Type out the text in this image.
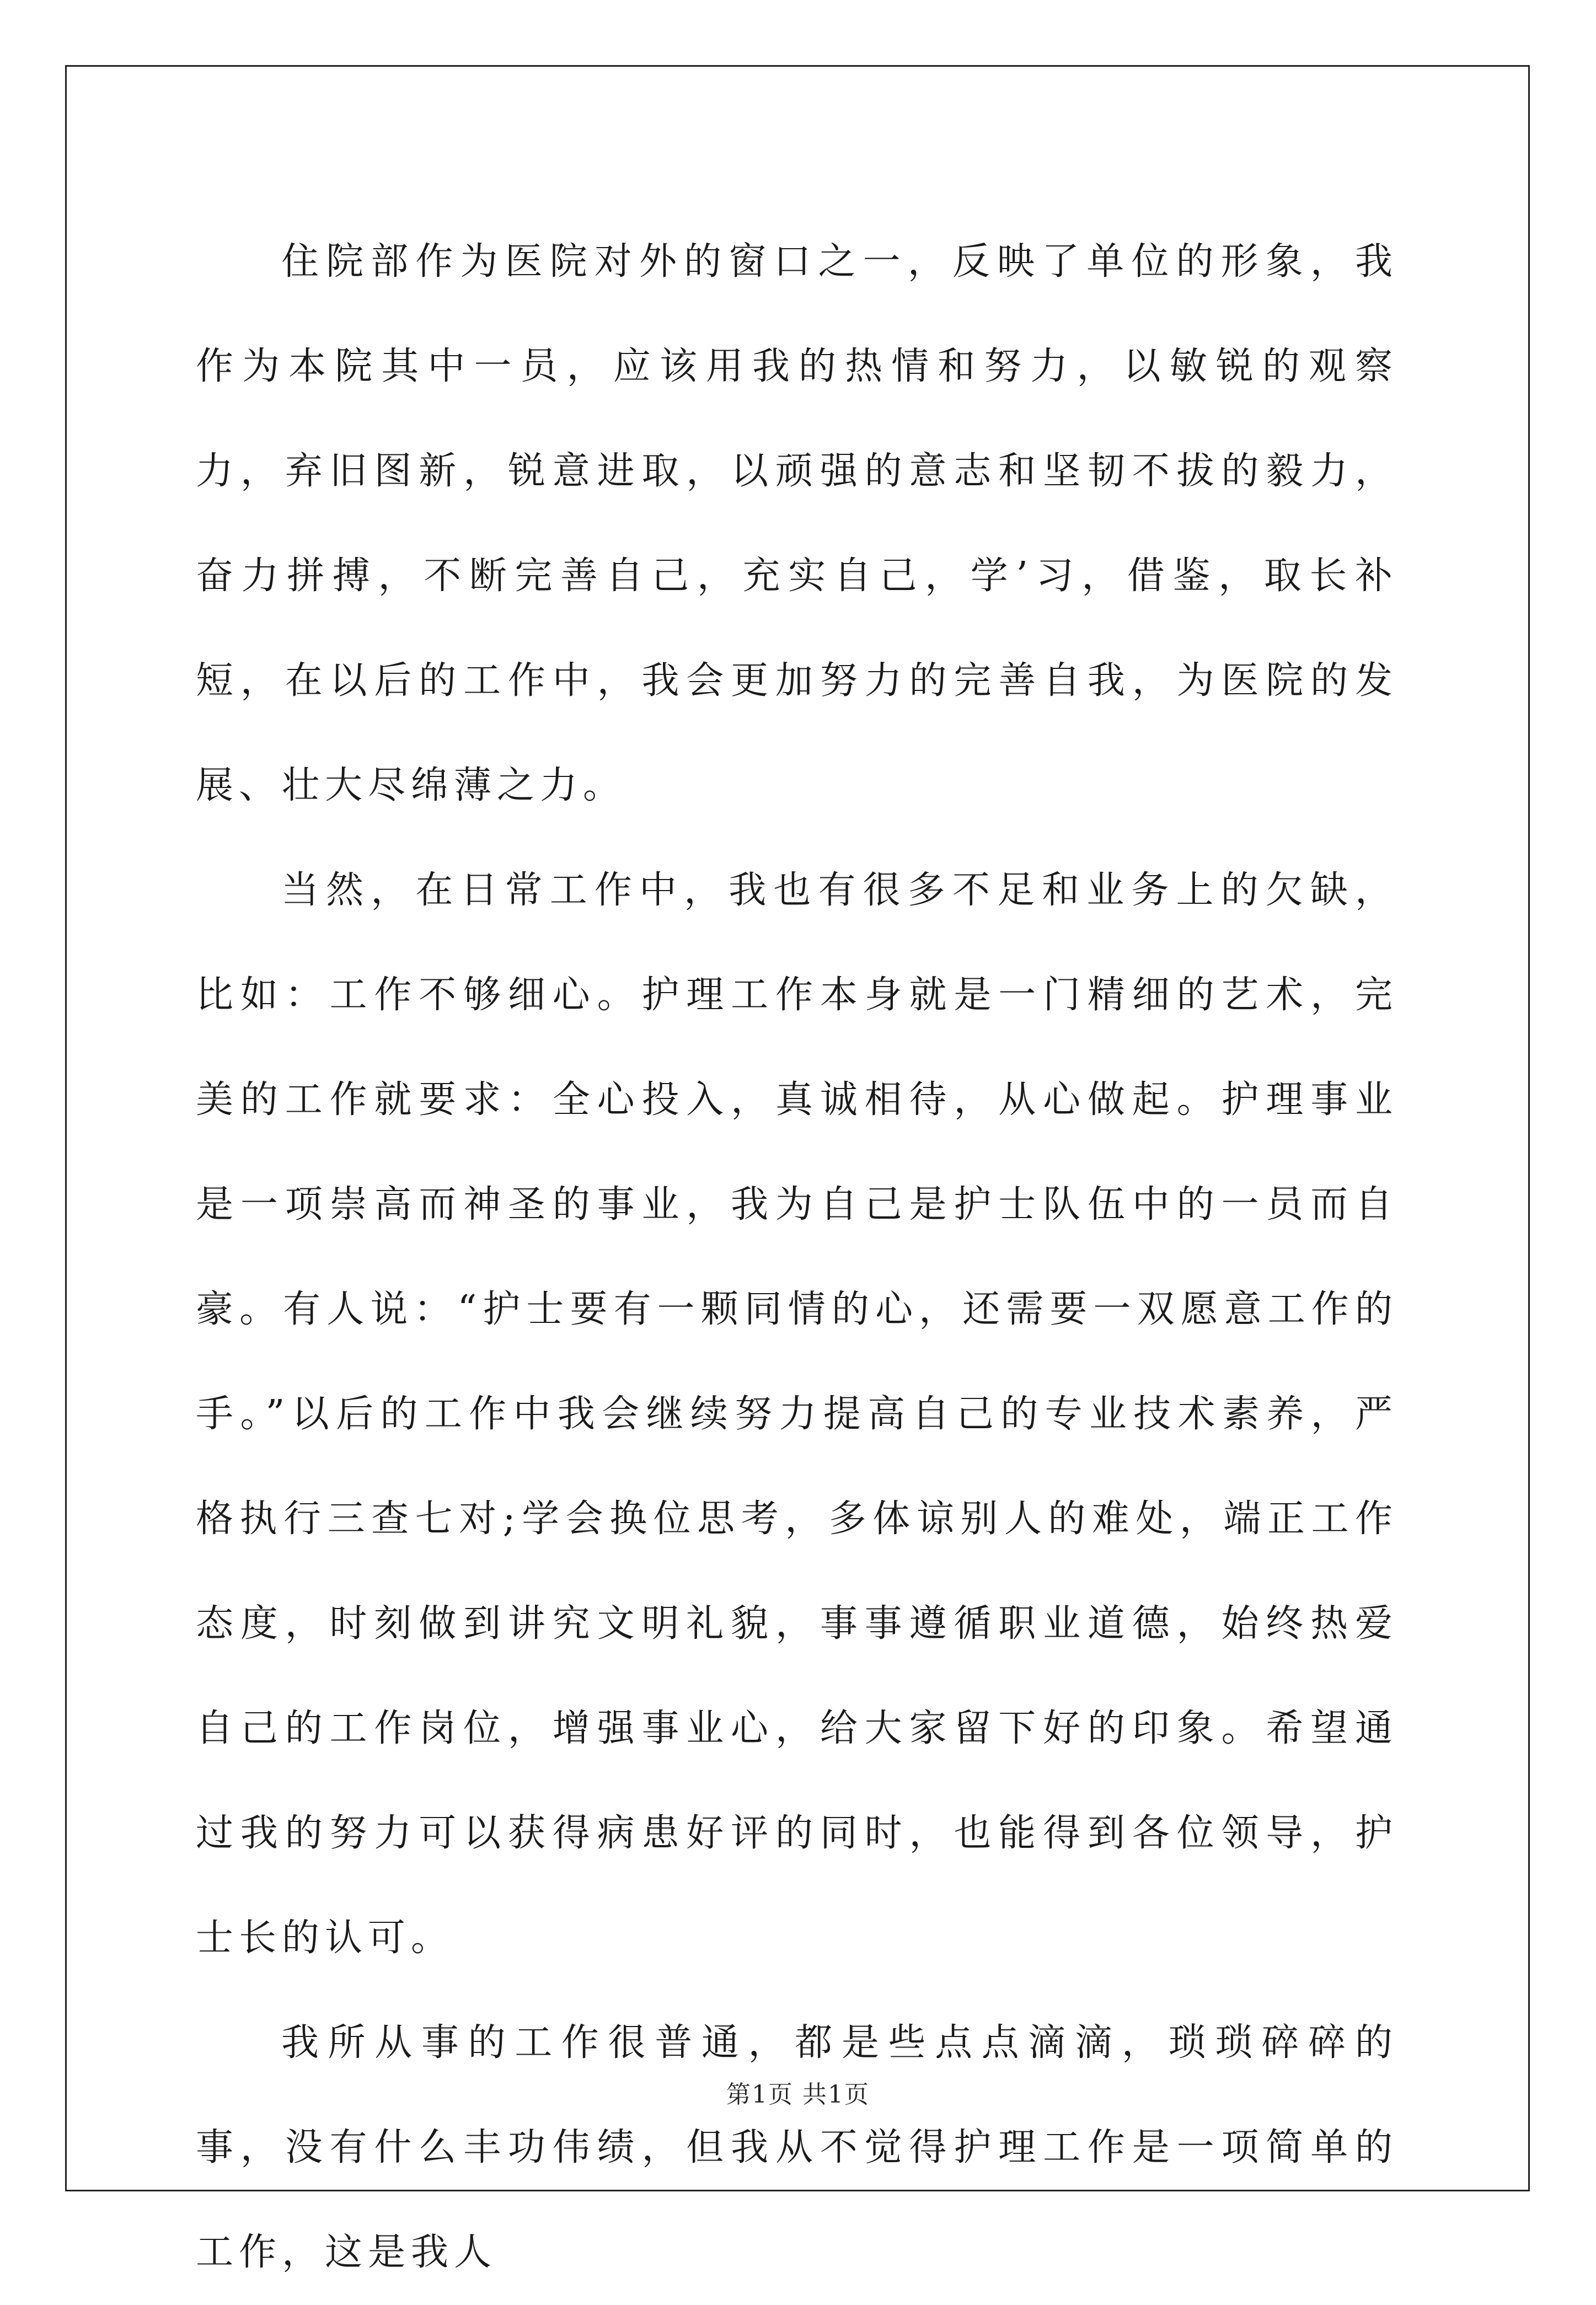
住院部作为医院对外的窗口之一，反映了单位的形象，我作为本院其中一员，应该用我的热情和努力，以敏锐的观察力，弃旧图新，锐意进取，以顽强的意志和坚韧不拔的毅力，奋力拼搏，不断完善自己，充实自己，学’习，借鉴，取长补短，在以后的工作中，我会更加努力的完善自我，为医院的发展、壮大尽绵薄之力。

当然，在日常工作中，我也有很多不足和业务上的欠缺，比如：工作不够细心。护理工作本身就是一门精细的艺术，完美的工作就要求：全心投入，真诚相待，从心做起。护理事业是一项崇高而神圣的事业，我为自己是护士队伍中的一员而自豪。有人说：“护士要有一颗同情的心，还需要一双愿意工作的手。”以后的工作中我会继续努力提高自己的专业技术素养，严格执行三查七对;学会换位思考，多体谅别人的难处，端正工作态度，时刻做到讲究文明礼貌，事事遵循职业道德，始终热爱自己的工作岗位，增强事业心，给大家留下好的印象。希望通过我的努力可以获得病患好评的同时，也能得到各位领导，护士长的认可。

我所从事的工作很普通，都是些点点滴滴，琐琐碎碎的事，没有什么丰功伟绩，但我从不觉得护理工作是一项简单的工作，这是我人

第1页 共1页
